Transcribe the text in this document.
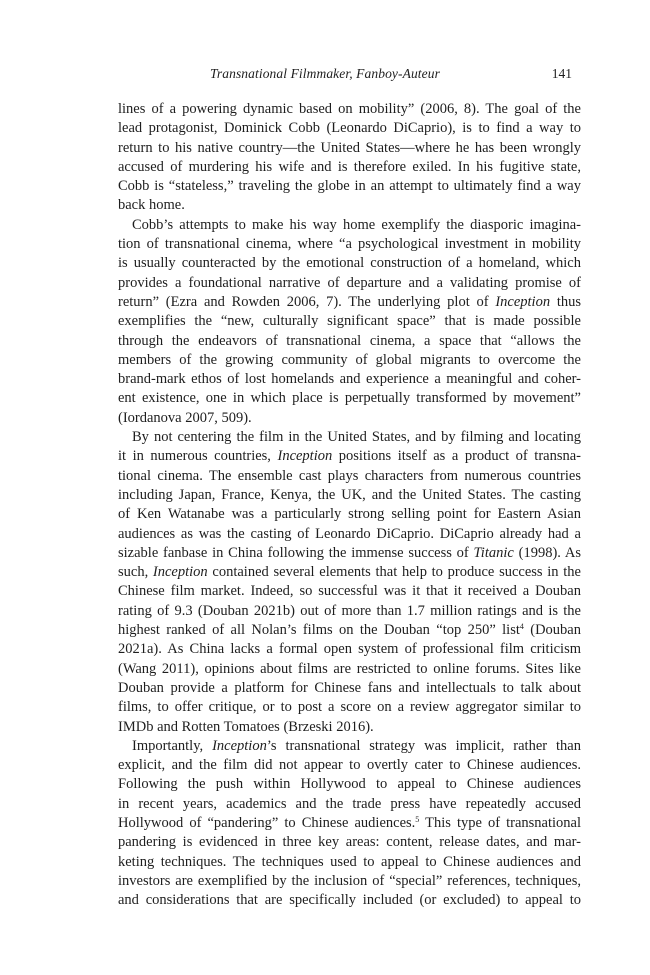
Transnational Filmmaker, Fanboy-Auteur	141
lines of a powering dynamic based on mobility” (2006, 8). The goal of the
lead protagonist, Dominick Cobb (Leonardo DiCaprio), is to find a way to
return to his native country—the United States—where he has been wrongly
accused of murdering his wife and is therefore exiled. In his fugitive state,
Cobb is “stateless,” traveling the globe in an attempt to ultimately find a way
back home.
Cobb’s attempts to make his way home exemplify the diasporic imagina-
tion of transnational cinema, where “a psychological investment in mobility
is usually counteracted by the emotional construction of a homeland, which
provides a foundational narrative of departure and a validating promise of
return” (Ezra and Rowden 2006, 7). The underlying plot of Inception thus
exemplifies the “new, culturally significant space” that is made possible
through the endeavors of transnational cinema, a space that “allows the
members of the growing community of global migrants to overcome the
brand-mark ethos of lost homelands and experience a meaningful and coher-
ent existence, one in which place is perpetually transformed by movement”
(Iordanova 2007, 509).
By not centering the film in the United States, and by filming and locating
it in numerous countries, Inception positions itself as a product of transna-
tional cinema. The ensemble cast plays characters from numerous countries
including Japan, France, Kenya, the UK, and the United States. The casting
of Ken Watanabe was a particularly strong selling point for Eastern Asian
audiences as was the casting of Leonardo DiCaprio. DiCaprio already had a
sizable fanbase in China following the immense success of Titanic (1998). As
such, Inception contained several elements that help to produce success in the
Chinese film market. Indeed, so successful was it that it received a Douban
rating of 9.3 (Douban 2021b) out of more than 1.7 million ratings and is the
highest ranked of all Nolan’s films on the Douban “top 250” list$^4$ (Douban
2021a). As China lacks a formal open system of professional film criticism
(Wang 2011), opinions about films are restricted to online forums. Sites like
Douban provide a platform for Chinese fans and intellectuals to talk about
films, to offer critique, or to post a score on a review aggregator similar to
IMDb and Rotten Tomatoes (Brzeski 2016).
Importantly, Inception’s transnational strategy was implicit, rather than
explicit, and the film did not appear to overtly cater to Chinese audiences.
Following the push within Hollywood to appeal to Chinese audiences
in recent years, academics and the trade press have repeatedly accused
Hollywood of “pandering” to Chinese audiences.$^5$ This type of transnational
pandering is evidenced in three key areas: content, release dates, and mar-
keting techniques. The techniques used to appeal to Chinese audiences and
investors are exemplified by the inclusion of “special” references, techniques,
and considerations that are specifically included (or excluded) to appeal to
